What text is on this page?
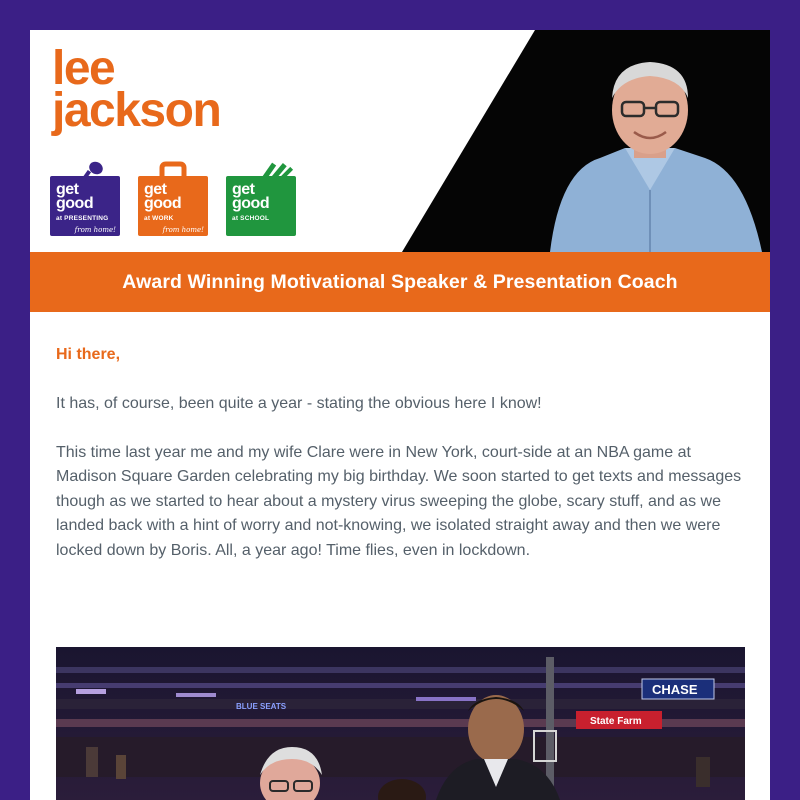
lee
jackson
get
good
at PRESENTING
from home!
get
good
at WORK
from home!
get
good
at SCHOOL
Award Winning Motivational Speaker & Presentation Coach
Hi there,

It has, of course, been quite a year - stating the obvious here I know!

This time last year me and my wife Clare were in New York, court-side at an NBA game at Madison Square Garden celebrating my big birthday. We soon started to get texts and messages though as we started to hear about a mystery virus sweeping the globe, scary stuff, and as we landed back with a hint of worry and not-knowing, we isolated straight away and then we were locked down by Boris. All, a year ago! Time flies, even in lockdown.

BLUE SEATS
CHASE
State Farm
